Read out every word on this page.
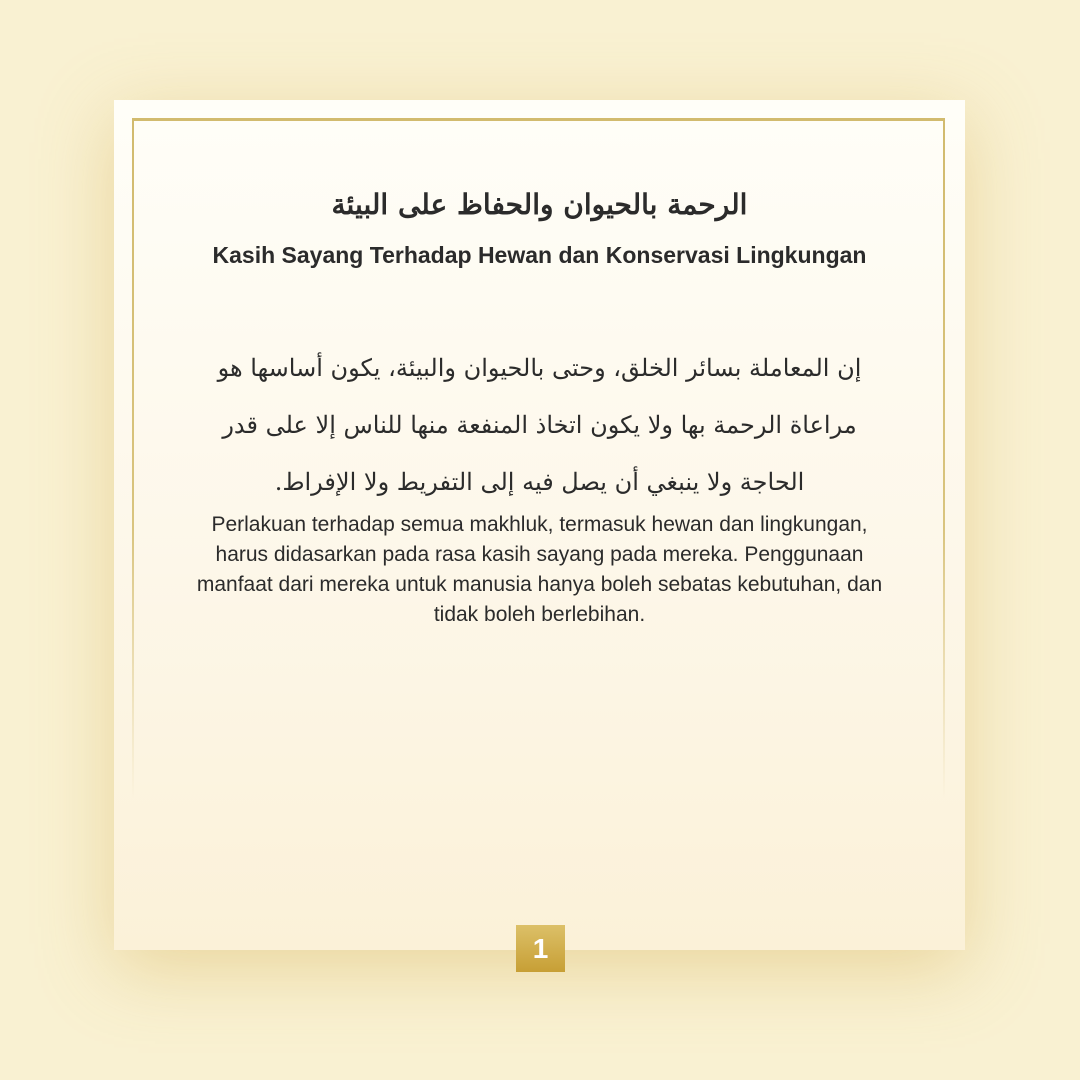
الرحمة بالحيوان والحفاظ على البيئة
Kasih Sayang Terhadap Hewan dan Konservasi Lingkungan

إن المعاملة بسائر الخلق، وحتى بالحيوان والبيئة، يكون أساسها هو مراعاة الرحمة بها ولا يكون اتخاذ المنفعة منها للناس إلا على قدر الحاجة ولا ينبغي أن يصل فيه إلى التفريط ولا الإفراط.

Perlakuan terhadap semua makhluk, termasuk hewan dan lingkungan, harus didasarkan pada rasa kasih sayang pada mereka. Penggunaan manfaat dari mereka untuk manusia hanya boleh sebatas kebutuhan, dan tidak boleh berlebihan.

1
